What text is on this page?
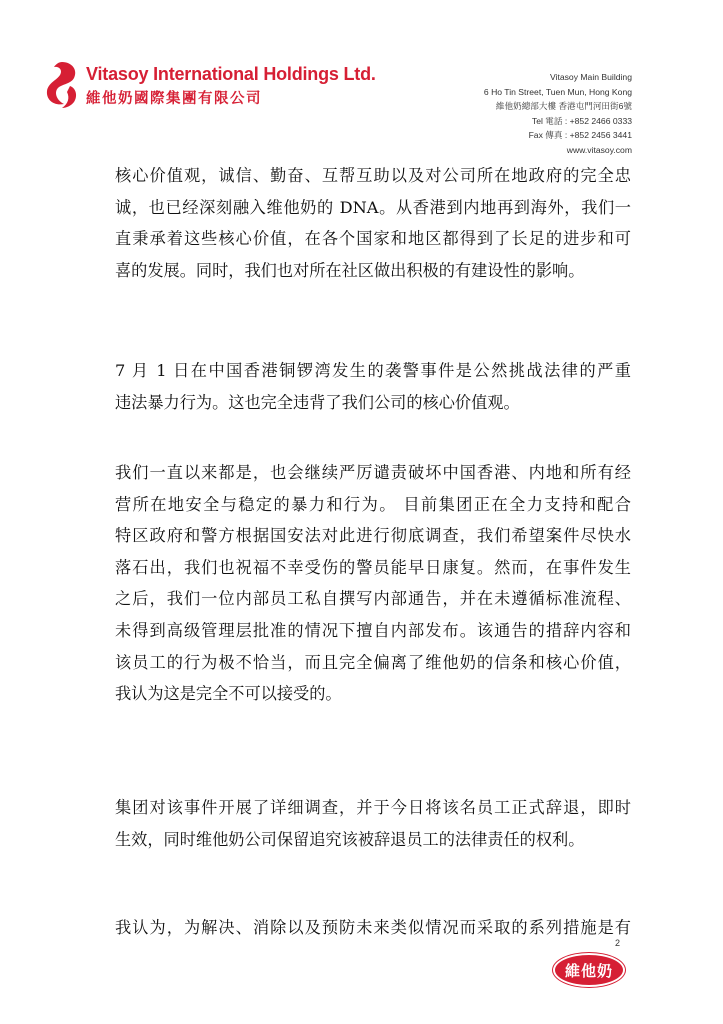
Vitasoy International Holdings Ltd.
維他奶國際集團有限公司
Vitasoy Main Building
6 Ho Tin Street, Tuen Mun, Hong Kong
維他奶總部大樓 香港屯門河田街6號
Tel 電話 : +852 2466 0333
Fax 傳真 : +852 2456 3441
www.vitasoy.com
核心价值观，诚信、勤奋、互帮互助以及对公司所在地政府的完全忠
诚，也已经深刻融入维他奶的 DNA。从香港到内地再到海外，我们一
直秉承着这些核心价值，在各个国家和地区都得到了长足的进步和可
喜的发展。同时，我们也对所在社区做出积极的有建设性的影响。
7 月 1 日在中国香港铜锣湾发生的袭警事件是公然挑战法律的严重
违法暴力行为。这也完全违背了我们公司的核心价值观。
我们一直以来都是，也会继续严厉谴责破坏中国香港、内地和所有经
营所在地安全与稳定的暴力和行为。 目前集团正在全力支持和配合
特区政府和警方根据国安法对此进行彻底调查，我们希望案件尽快水
落石出，我们也祝福不幸受伤的警员能早日康复。然而，在事件发生
之后，我们一位内部员工私自撰写内部通告，并在未遵循标准流程、
未得到高级管理层批准的情况下擅自内部发布。该通告的措辞内容和
该员工的行为极不恰当，而且完全偏离了维他奶的信条和核心价值，
我认为这是完全不可以接受的。
集团对该事件开展了详细调查，并于今日将该名员工正式辞退，即时
生效，同时维他奶公司保留追究该被辞退员工的法律责任的权利。
我认为，为解决、消除以及预防未来类似情况而采取的系列措施是有
2
維他奶
